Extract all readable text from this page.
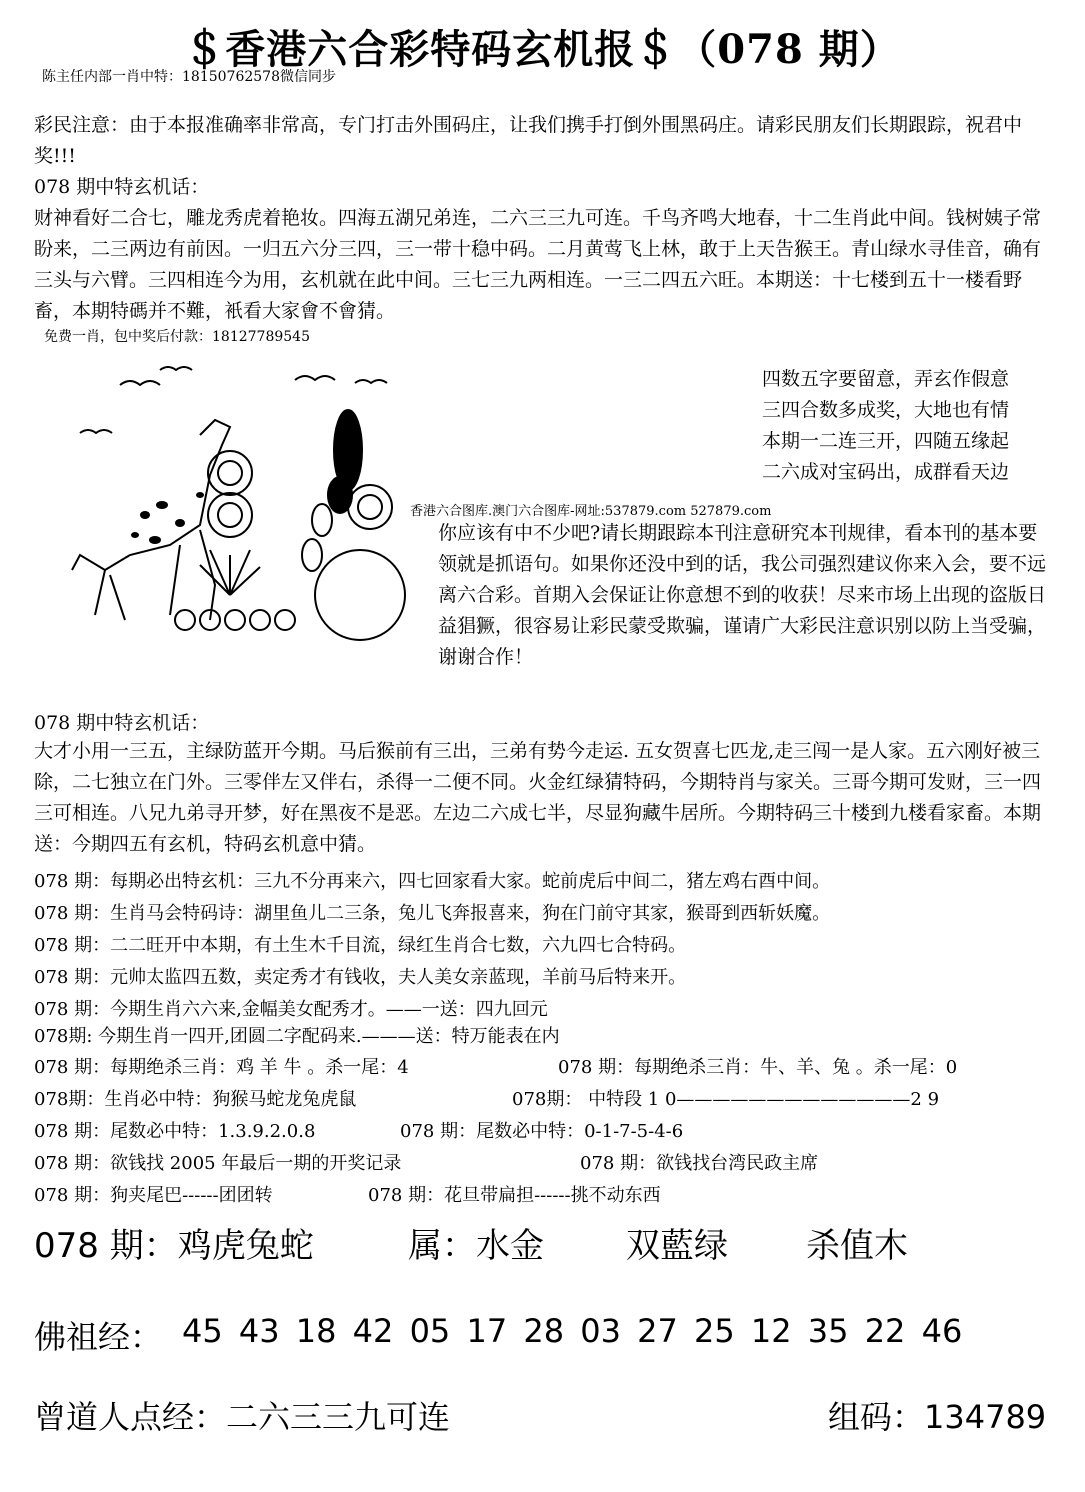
＄香港六合彩特码玄机报＄（078 期）
陈主任内部一肖中特：18150762578微信同步
彩民注意：由于本报准确率非常高，专门打击外围码庄，让我们携手打倒外围黑码庄。请彩民朋友们长期跟踪，祝君中奖!!!
078 期中特玄机话：
财神看好二合七，雕龙秀虎着艳妆。四海五湖兄弟连，二六三三九可连。千鸟齐鸣大地春，十二生肖此中间。钱树姨子常盼来，二三两边有前因。一归五六分三四，三一带十稳中码。二月黄莺飞上林，敢于上天告猴王。青山绿水寻佳音，确有三头与六臂。三四相连今为用，玄机就在此中间。三七三九两相连。一三二四五六旺。本期送：十七楼到五十一楼看野畜，本期特碼并不難，衹看大家會不會猜。
免费一肖，包中奖后付款：18127789545
四数五字要留意，弄玄作假意
三四合数多成奖，大地也有情
本期一二连三开，四随五缘起
二六成对宝码出，成群看天边
香港六合图库.澳门六合图库-网址:537879.com 527879.com
你应该有中不少吧?请长期跟踪本刊注意研究本刊规律，看本刊的基本要领就是抓语句。如果你还没中到的话，我公司强烈建议你来入会，要不远离六合彩。首期入会保证让你意想不到的收获！尽来市场上出现的盗版日益猖獗，很容易让彩民蒙受欺骗，谨请广大彩民注意识别以防上当受骗，谢谢合作！
078 期中特玄机话：
大才小用一三五，主绿防蓝开今期。马后猴前有三出，三弟有势今走运. 五女贺喜七匹龙,走三闯一是人家。五六刚好被三除，二七独立在门外。三零伴左又伴右，杀得一二便不同。火金红绿猜特码，今期特肖与家关。三哥今期可发财，三一四三可相连。八兄九弟寻开梦，好在黑夜不是恶。左边二六成七半，尽显狗藏牛居所。今期特码三十楼到九楼看家畜。本期送：今期四五有玄机，特码玄机意中猜。
078 期：每期必出特玄机：三九不分再来六，四七回家看大家。蛇前虎后中间二，猪左鸡右酉中间。
078 期：生肖马会特码诗：湖里鱼儿二三条，兔儿飞奔报喜来，狗在门前守其家，猴哥到西斩妖魔。
078 期：二二旺开中本期，有土生木千目流，绿红生肖合七数，六九四七合特码。
078 期：元帅太监四五数，卖定秀才有钱收，夫人美女亲蓝现，羊前马后特来开。
078 期：今期生肖六六来,金幅美女配秀才。——一送：四九回元
078期: 今期生肖一四开,团圆二字配码来.———送：特万能表在内
078 期：每期绝杀三肖：鸡 羊 牛 。杀一尾：4	078 期：每期绝杀三肖：牛、羊、兔 。杀一尾：0
078期：生肖必中特：狗猴马蛇龙兔虎鼠	078期： 中特段 1 0—————————————2 9
078 期：尾数必中特：1.3.9.2.0.8	078 期：尾数必中特：0-1-7-5-4-6
078 期：欲钱找 2005 年最后一期的开奖记录	078 期：欲钱找台湾民政主席
078 期：狗夹尾巴------团团转	078 期：花旦带扁担------挑不动东西
078 期：鸡虎兔蛇	属：水金 双藍绿 杀值木
佛祖经： 45 43 18 42 05 17 28 03 27 25 12 35 22 46
曾道人点经：二六三三九可连	组码：134789
